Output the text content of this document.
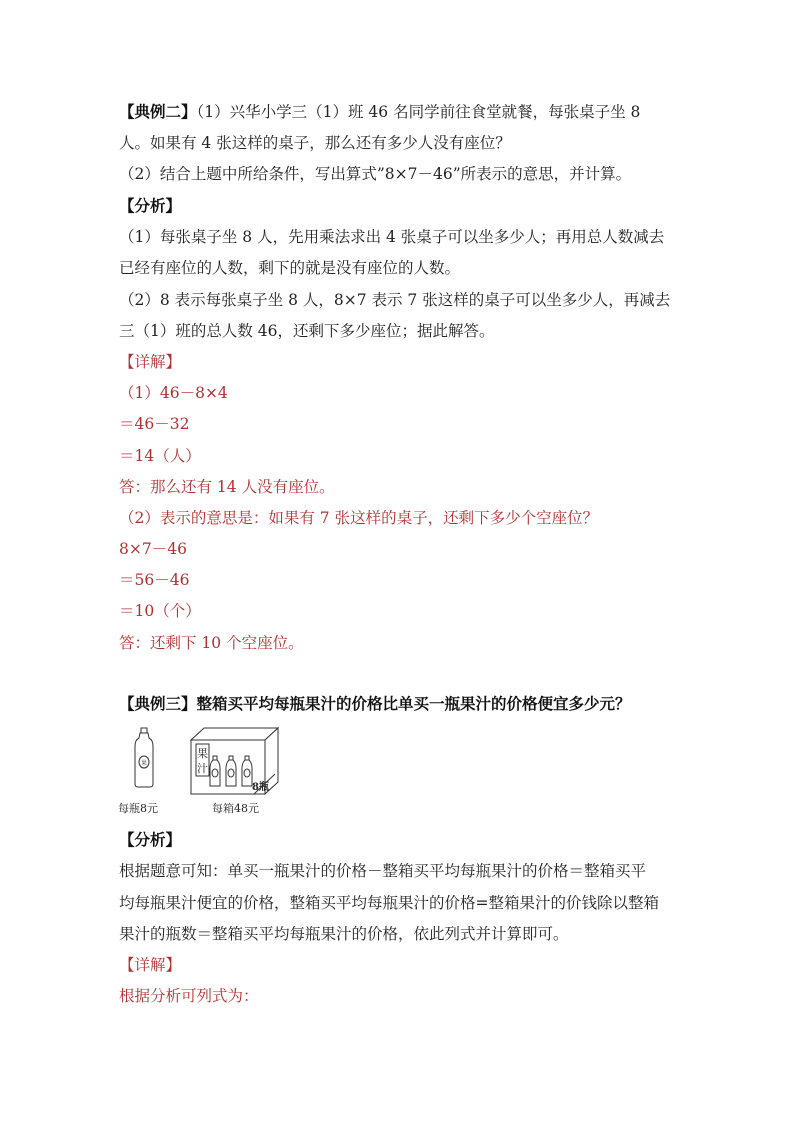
【典例二】（1）兴华小学三（1）班 46 名同学前往食堂就餐，每张桌子坐 8
人。如果有 4 张这样的桌子，那么还有多少人没有座位？
（2）结合上题中所给条件，写出算式”8×7－46”所表示的意思，并计算。
【分析】
（1）每张桌子坐 8 人，先用乘法求出 4 张桌子可以坐多少人；再用总人数减去
已经有座位的人数，剩下的就是没有座位的人数。
（2）8 表示每张桌子坐 8 人，8×7 表示 7 张这样的桌子可以坐多少人，再减去
三（1）班的总人数 46，还剩下多少座位；据此解答。
【详解】
（1）46－8×4
＝46－32
＝14（人）
答：那么还有 14 人没有座位。
（2）表示的意思是：如果有 7 张这样的桌子，还剩下多少个空座位？
8×7－46
＝56－46
＝10（个）
答：还剩下 10 个空座位。
【典例三】整箱买平均每瓶果汁的价格比单买一瓶果汁的价格便宜多少元？
果
果
汁
8瓶
每瓶8元	每箱48元
【分析】
根据题意可知：单买一瓶果汁的价格－整箱买平均每瓶果汁的价格＝整箱买平
均每瓶果汁便宜的价格，整箱买平均每瓶果汁的价格=整箱果汁的价钱除以整箱
果汁的瓶数＝整箱买平均每瓶果汁的价格，依此列式并计算即可。
【详解】
根据分析可列式为：
